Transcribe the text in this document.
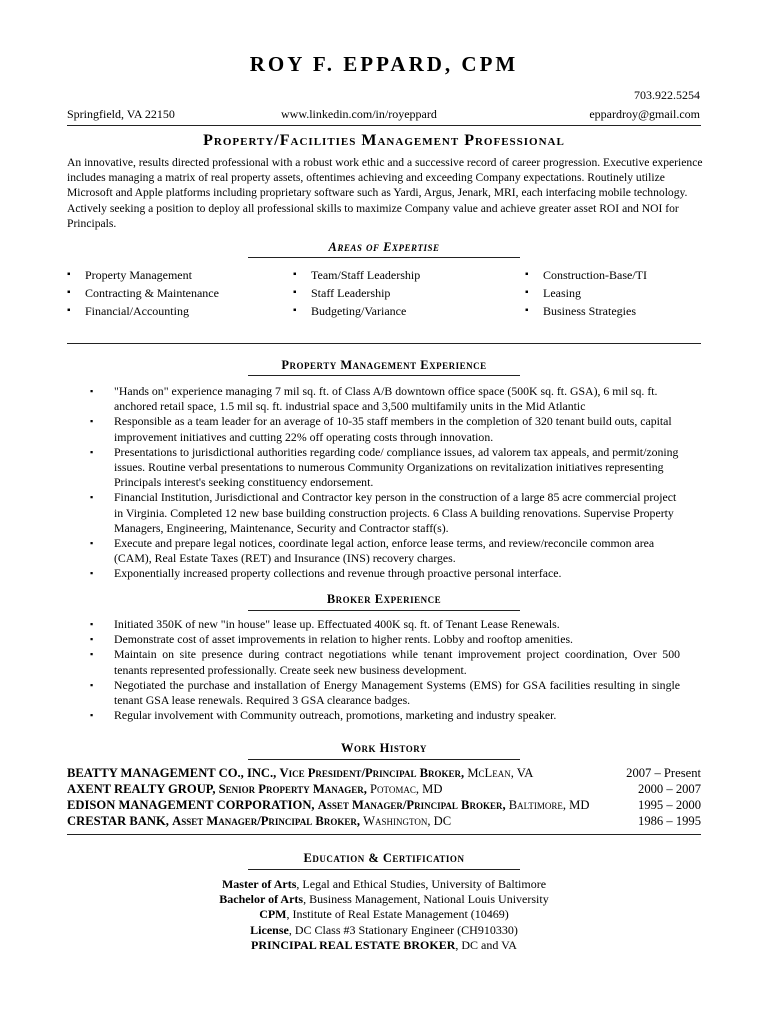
ROY F. EPPARD, CPM
703.922.5254
Springfield, VA 22150	www.linkedin.com/in/royeppard	eppardroy@gmail.com
Property/Facilities Management Professional
An innovative, results directed professional with a robust work ethic and a successive record of career progression. Executive experience includes managing a matrix of real property assets, oftentimes achieving and exceeding Company expectations. Routinely utilize Microsoft and Apple platforms including proprietary software such as Yardi, Argus, Jenark, MRI, each interfacing mobile technology. Actively seeking a position to deploy all professional skills to maximize Company value and achieve greater asset ROI and NOI for Principals.
Areas of Expertise
▪ Property Management
▪ Contracting & Maintenance
▪ Financial/Accounting
▪ Team/Staff Leadership
▪ Staff Leadership
▪ Budgeting/Variance
▪ Construction-Base/TI
▪ Leasing
▪ Business Strategies
Property Management Experience
▪ "Hands on" experience managing 7 mil sq. ft. of Class A/B downtown office space (500K sq. ft. GSA), 6 mil sq. ft. anchored retail space, 1.5 mil sq. ft. industrial space and 3,500 multifamily units in the Mid Atlantic
▪ Responsible as a team leader for an average of 10-35 staff members in the completion of 320 tenant build outs, capital improvement initiatives and cutting 22% off operating costs through innovation.
▪ Presentations to jurisdictional authorities regarding code/ compliance issues, ad valorem tax appeals, and permit/zoning issues. Routine verbal presentations to numerous Community Organizations on revitalization initiatives representing Principals interest's seeking constituency endorsement.
▪ Financial Institution, Jurisdictional and Contractor key person in the construction of a large 85 acre commercial project in Virginia. Completed 12 new base building construction projects. 6 Class A building renovations. Supervise Property Managers, Engineering, Maintenance, Security and Contractor staff(s).
▪ Execute and prepare legal notices, coordinate legal action, enforce lease terms, and review/reconcile common area (CAM), Real Estate Taxes (RET) and Insurance (INS) recovery charges.
▪ Exponentially increased property collections and revenue through proactive personal interface.
Broker Experience
▪ Initiated 350K of new "in house" lease up. Effectuated 400K sq. ft. of Tenant Lease Renewals.
▪ Demonstrate cost of asset improvements in relation to higher rents. Lobby and rooftop amenities.
▪ Maintain on site presence during contract negotiations while tenant improvement project coordination, Over 500 tenants represented professionally. Create seek new business development.
▪ Negotiated the purchase and installation of Energy Management Systems (EMS) for GSA facilities resulting in single tenant GSA lease renewals. Required 3 GSA clearance badges.
▪ Regular involvement with Community outreach, promotions, marketing and industry speaker.
Work History
BEATTY MANAGEMENT CO., INC., Vice President/Principal Broker, McLean, VA	2007 – Present
AXENT REALTY GROUP, Senior Property Manager, Potomac, MD	2000 – 2007
EDISON MANAGEMENT CORPORATION, Asset Manager/Principal Broker, Baltimore, MD	1995 – 2000
CRESTAR BANK, Asset Manager/Principal Broker, Washington, DC	1986 – 1995
Education & Certification
Master of Arts, Legal and Ethical Studies, University of Baltimore
Bachelor of Arts, Business Management, National Louis University
CPM, Institute of Real Estate Management (10469)
License, DC Class #3 Stationary Engineer (CH910330)
PRINCIPAL REAL ESTATE BROKER, DC and VA
